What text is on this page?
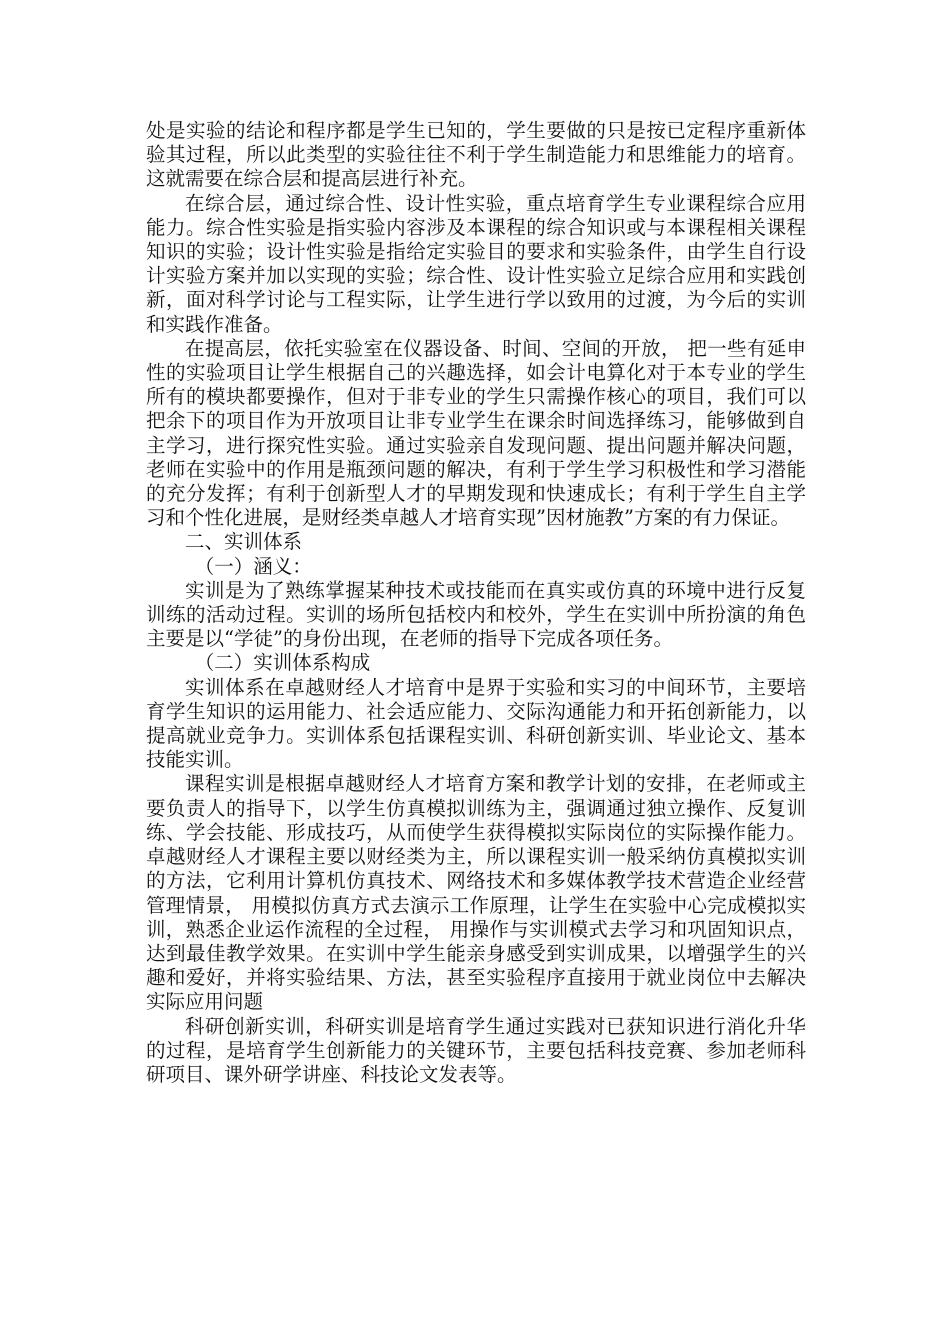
处是实验的结论和程序都是学生已知的，学生要做的只是按已定程序重新体验其过程，所以此类型的实验往往不利于学生制造能力和思维能力的培育。这就需要在综合层和提高层进行补充。

在综合层，通过综合性、设计性实验，重点培育学生专业课程综合应用能力。综合性实验是指实验内容涉及本课程的综合知识或与本课程相关课程知识的实验；设计性实验是指给定实验目的要求和实验条件，由学生自行设计实验方案并加以实现的实验；综合性、设计性实验立足综合应用和实践创新，面对科学讨论与工程实际，让学生进行学以致用的过渡，为今后的实训和实践作准备。

在提高层，依托实验室在仪器设备、时间、空间的开放， 把一些有延申性的实验项目让学生根据自己的兴趣选择，如会计电算化对于本专业的学生所有的模块都要操作，但对于非专业的学生只需操作核心的项目，我们可以把余下的项目作为开放项目让非专业学生在课余时间选择练习，能够做到自主学习，进行探究性实验。通过实验亲自发现问题、提出问题并解决问题，老师在实验中的作用是瓶颈问题的解决，有利于学生学习积极性和学习潜能的充分发挥；有利于创新型人才的早期发现和快速成长；有利于学生自主学习和个性化进展，是财经类卓越人才培育实现”因材施教”方案的有力保证。

二、实训体系

（一）涵义：

实训是为了熟练掌握某种技术或技能而在真实或仿真的环境中进行反复训练的活动过程。实训的场所包括校内和校外，学生在实训中所扮演的角色主要是以“学徒”的身份出现，在老师的指导下完成各项任务。

（二）实训体系构成

实训体系在卓越财经人才培育中是界于实验和实习的中间环节，主要培育学生知识的运用能力、社会适应能力、交际沟通能力和开拓创新能力，以提高就业竞争力。实训体系包括课程实训、科研创新实训、毕业论文、基本技能实训。

课程实训是根据卓越财经人才培育方案和教学计划的安排，在老师或主要负责人的指导下，以学生仿真模拟训练为主，强调通过独立操作、反复训练、学会技能、形成技巧，从而使学生获得模拟实际岗位的实际操作能力。卓越财经人才课程主要以财经类为主，所以课程实训一般采纳仿真模拟实训的方法，它利用计算机仿真技术、网络技术和多媒体教学技术营造企业经营管理情景， 用模拟仿真方式去演示工作原理，让学生在实验中心完成模拟实训，熟悉企业运作流程的全过程， 用操作与实训模式去学习和巩固知识点，达到最佳教学效果。在实训中学生能亲身感受到实训成果，以增强学生的兴趣和爱好，并将实验结果、方法，甚至实验程序直接用于就业岗位中去解决实际应用问题

科研创新实训，科研实训是培育学生通过实践对已获知识进行消化升华的过程，是培育学生创新能力的关键环节，主要包括科技竞赛、参加老师科研项目、课外研学讲座、科技论文发表等。
